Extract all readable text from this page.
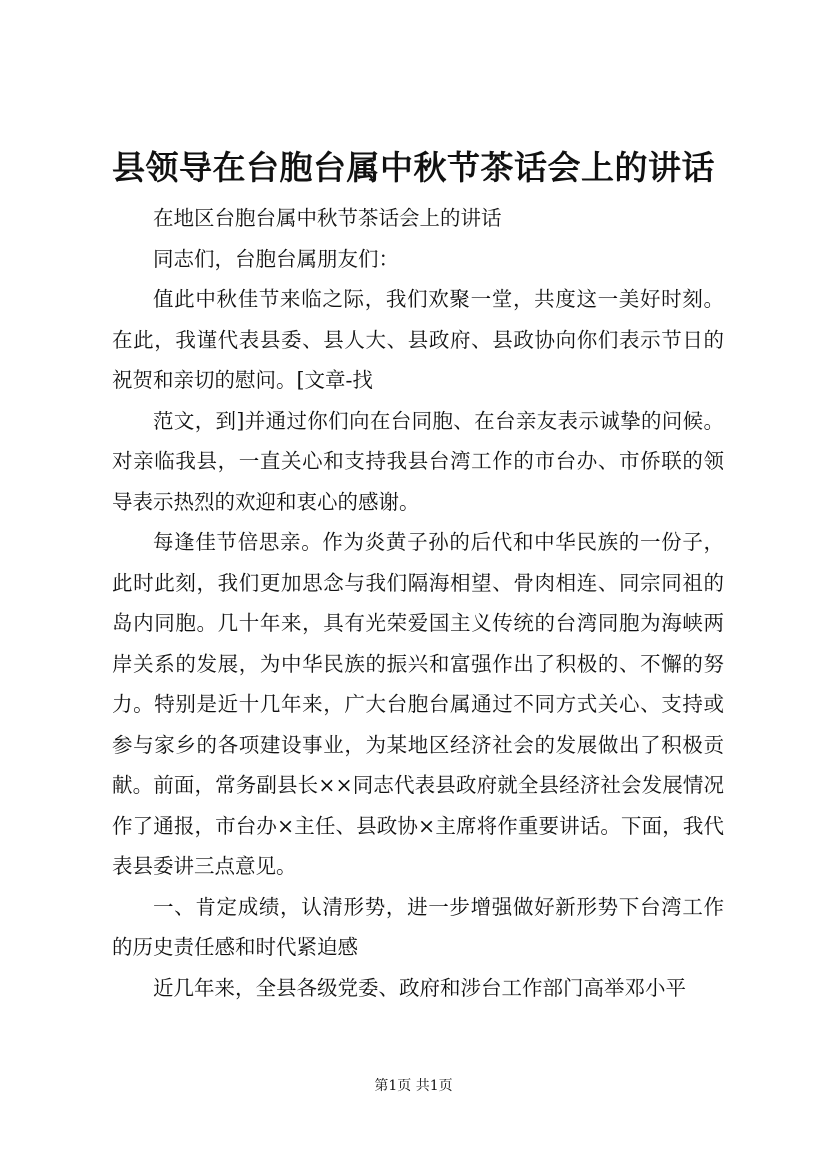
县领导在台胞台属中秋节茶话会上的讲话

在地区台胞台属中秋节茶话会上的讲话

同志们，台胞台属朋友们：

值此中秋佳节来临之际，我们欢聚一堂，共度这一美好时刻。在此，我谨代表县委、县人大、县政府、县政协向你们表示节日的祝贺和亲切的慰问。[文章-找

范文，到]并通过你们向在台同胞、在台亲友表示诚挚的问候。对亲临我县，一直关心和支持我县台湾工作的市台办、市侨联的领导表示热烈的欢迎和衷心的感谢。

每逢佳节倍思亲。作为炎黄子孙的后代和中华民族的一份子，此时此刻，我们更加思念与我们隔海相望、骨肉相连、同宗同祖的岛内同胞。几十年来，具有光荣爱国主义传统的台湾同胞为海峡两岸关系的发展，为中华民族的振兴和富强作出了积极的、不懈的努力。特别是近十几年来，广大台胞台属通过不同方式关心、支持或参与家乡的各项建设事业，为某地区经济社会的发展做出了积极贡献。前面，常务副县长××同志代表县政府就全县经济社会发展情况作了通报，市台办×主任、县政协×主席将作重要讲话。下面，我代表县委讲三点意见。

一、肯定成绩，认清形势，进一步增强做好新形势下台湾工作的历史责任感和时代紧迫感

近几年来，全县各级党委、政府和涉台工作部门高举邓小平

第1页 共1页
